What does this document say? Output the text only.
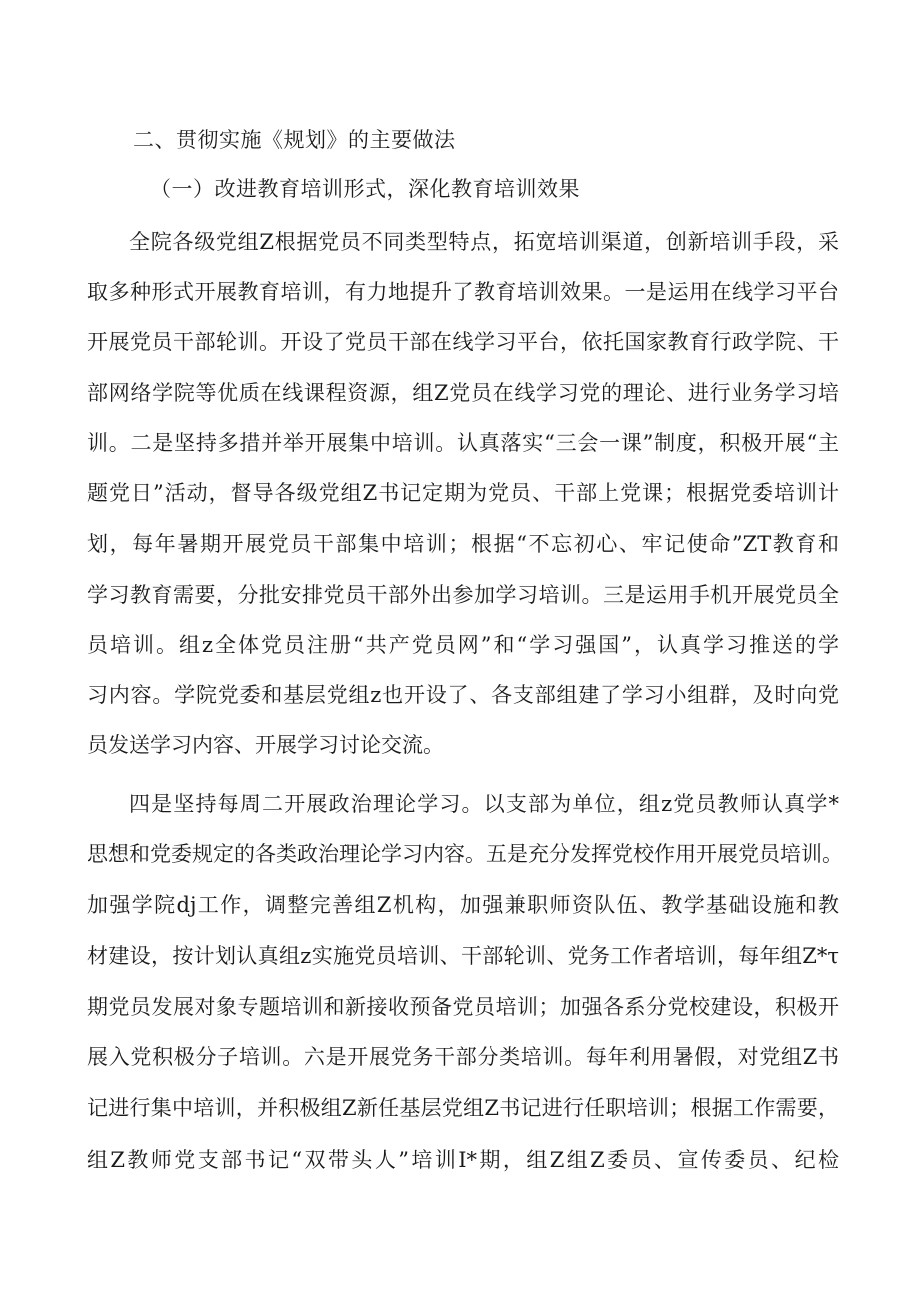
二、贯彻实施《规划》的主要做法
（一）改进教育培训形式，深化教育培训效果
全院各级党组Z根据党员不同类型特点，拓宽培训渠道，创新培训手段，采
取多种形式开展教育培训，有力地提升了教育培训效果。一是运用在线学习平台
开展党员干部轮训。开设了党员干部在线学习平台，依托国家教育行政学院、干
部网络学院等优质在线课程资源，组Z党员在线学习党的理论、进行业务学习培
训。二是坚持多措并举开展集中培训。认真落实“三会一课”制度，积极开展“主
题党日”活动，督导各级党组Z书记定期为党员、干部上党课；根据党委培训计
划，每年暑期开展党员干部集中培训；根据“不忘初心、牢记使命”ZT教育和
学习教育需要，分批安排党员干部外出参加学习培训。三是运用手机开展党员全
员培训。组z全体党员注册“共产党员网”和“学习强国”，认真学习推送的学
习内容。学院党委和基层党组z也开设了、各支部组建了学习小组群，及时向党
员发送学习内容、开展学习讨论交流。
四是坚持每周二开展政治理论学习。以支部为单位，组z党员教师认真学*
思想和党委规定的各类政治理论学习内容。五是充分发挥党校作用开展党员培训。
加强学院dj工作，调整完善组Z机构，加强兼职师资队伍、教学基础设施和教
材建设，按计划认真组z实施党员培训、干部轮训、党务工作者培训，每年组Z*τ
期党员发展对象专题培训和新接收预备党员培训；加强各系分党校建设，积极开
展入党积极分子培训。六是开展党务干部分类培训。每年利用暑假，对党组Z书
记进行集中培训，并积极组Z新任基层党组Z书记进行任职培训；根据工作需要，
组Z教师党支部书记“双带头人”培训I*期，组Z组Z委员、宣传委员、纪检
